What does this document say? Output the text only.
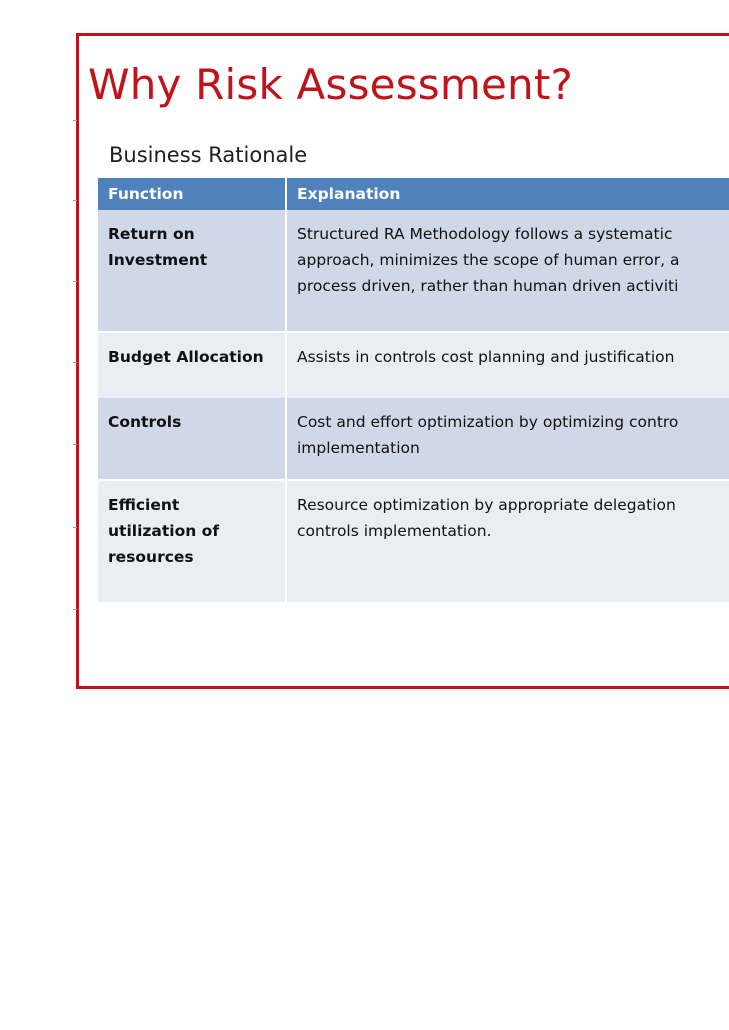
Why Risk Assessment?
Business Rationale
Function	Explanation

Return on
Investment	Structured RA Methodology follows a systematic
approach, minimizes the scope of human error, a
process driven, rather than human driven activiti

Budget Allocation	Assists in controls cost planning and justification

Controls	Cost and effort optimization by optimizing contro
implementation

Efficient
utilization of
resources	Resource optimization by appropriate delegation
controls implementation.
